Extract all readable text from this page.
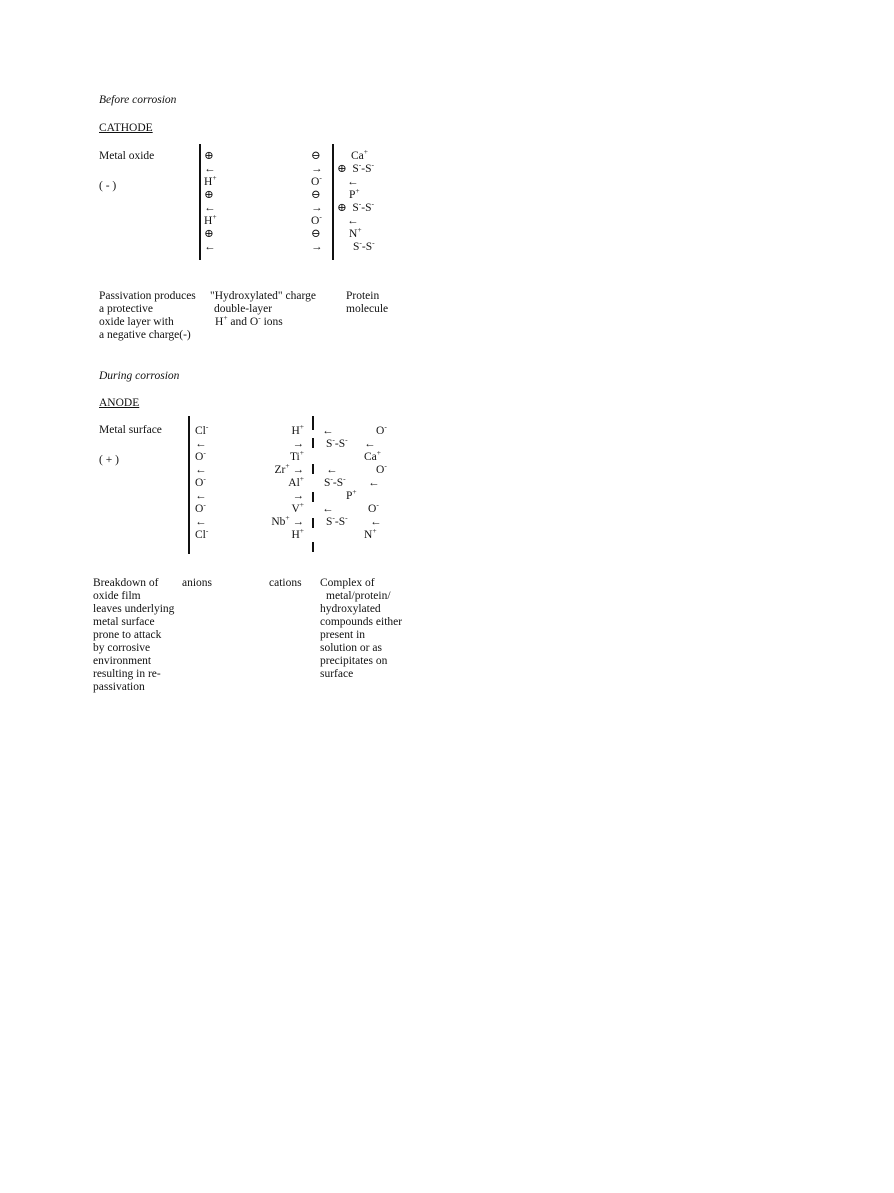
Before corrosion
CATHODE
Metal oxide
( - )
⊕
←
H+
⊕
←
H+
⊕
←
⊖
→
O-
⊖
→
O-
⊖
→
Ca+
⊕  S--S-
←
P+
⊕  S--S-
←
N+
S--S-
Passivation produces
a protective
oxide layer with
a negative charge(-)
"Hydroxylated" charge
double-layer
H+ and O- ions
Protein
molecule
During corrosion
ANODE
Metal surface
( + )
Cl-
←
O-
←
O-
←
O-
←
Cl-
H+
→
Ti+
Zr+ →
Al+
→
V+
Nb+ →
H+
←
S--S-
←
S--S-
P+
←
S--S-
O-
←
Ca+
O-
←
O-
←
N+
Breakdown of
oxide film
leaves underlying
metal surface
prone to attack
by corrosive
environment
resulting in re-
passivation
anions	cations Complex of
metal/protein/
hydroxylated
compounds either
present in
solution or as
precipitates on
surface
